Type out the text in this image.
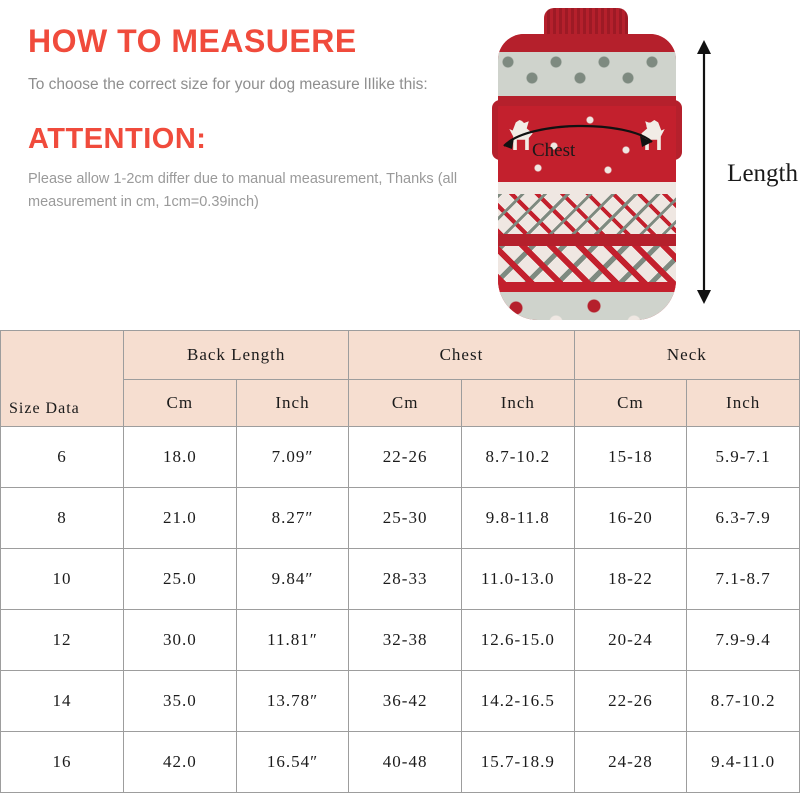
HOW TO MEASUERE

To choose the correct size for your dog measure lIlike this:

ATTENTION:

Please allow 1-2cm differ due to manual measurement, Thanks (all measurement in cm, 1cm=0.39inch)

Chest
Length
Size Data	Back Length		Chest		Neck	
	Cm	Inch	Cm	Inch	Cm	Inch
6	18.0	7.09″	22-26	8.7-10.2	15-18	5.9-7.1
8	21.0	8.27″	25-30	9.8-11.8	16-20	6.3-7.9
10	25.0	9.84″	28-33	11.0-13.0	18-22	7.1-8.7
12	30.0	11.81″	32-38	12.6-15.0	20-24	7.9-9.4
14	35.0	13.78″	36-42	14.2-16.5	22-26	8.7-10.2
16	42.0	16.54″	40-48	15.7-18.9	24-28	9.4-11.0
